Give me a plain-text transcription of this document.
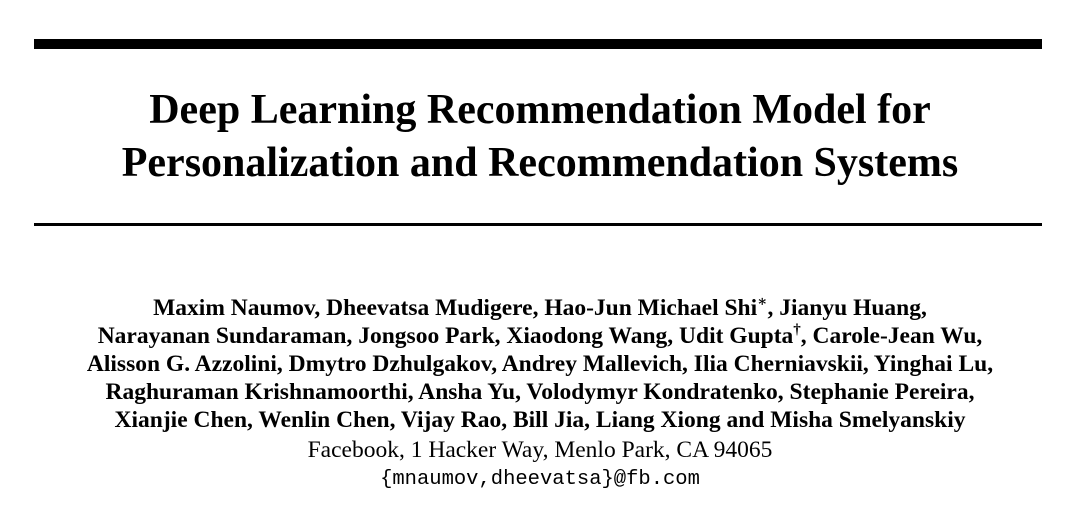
Deep Learning Recommendation Model for
Personalization and Recommendation Systems
Maxim Naumov, Dheevatsa Mudigere, Hao-Jun Michael Shi∗, Jianyu Huang,
Narayanan Sundaraman, Jongsoo Park, Xiaodong Wang, Udit Gupta†, Carole-Jean Wu,
Alisson G. Azzolini, Dmytro Dzhulgakov, Andrey Mallevich, Ilia Cherniavskii, Yinghai Lu,
Raghuraman Krishnamoorthi, Ansha Yu, Volodymyr Kondratenko, Stephanie Pereira,
Xianjie Chen, Wenlin Chen, Vijay Rao, Bill Jia, Liang Xiong and Misha Smelyanskiy
Facebook, 1 Hacker Way, Menlo Park, CA 94065
{mnaumov,dheevatsa}@fb.com
